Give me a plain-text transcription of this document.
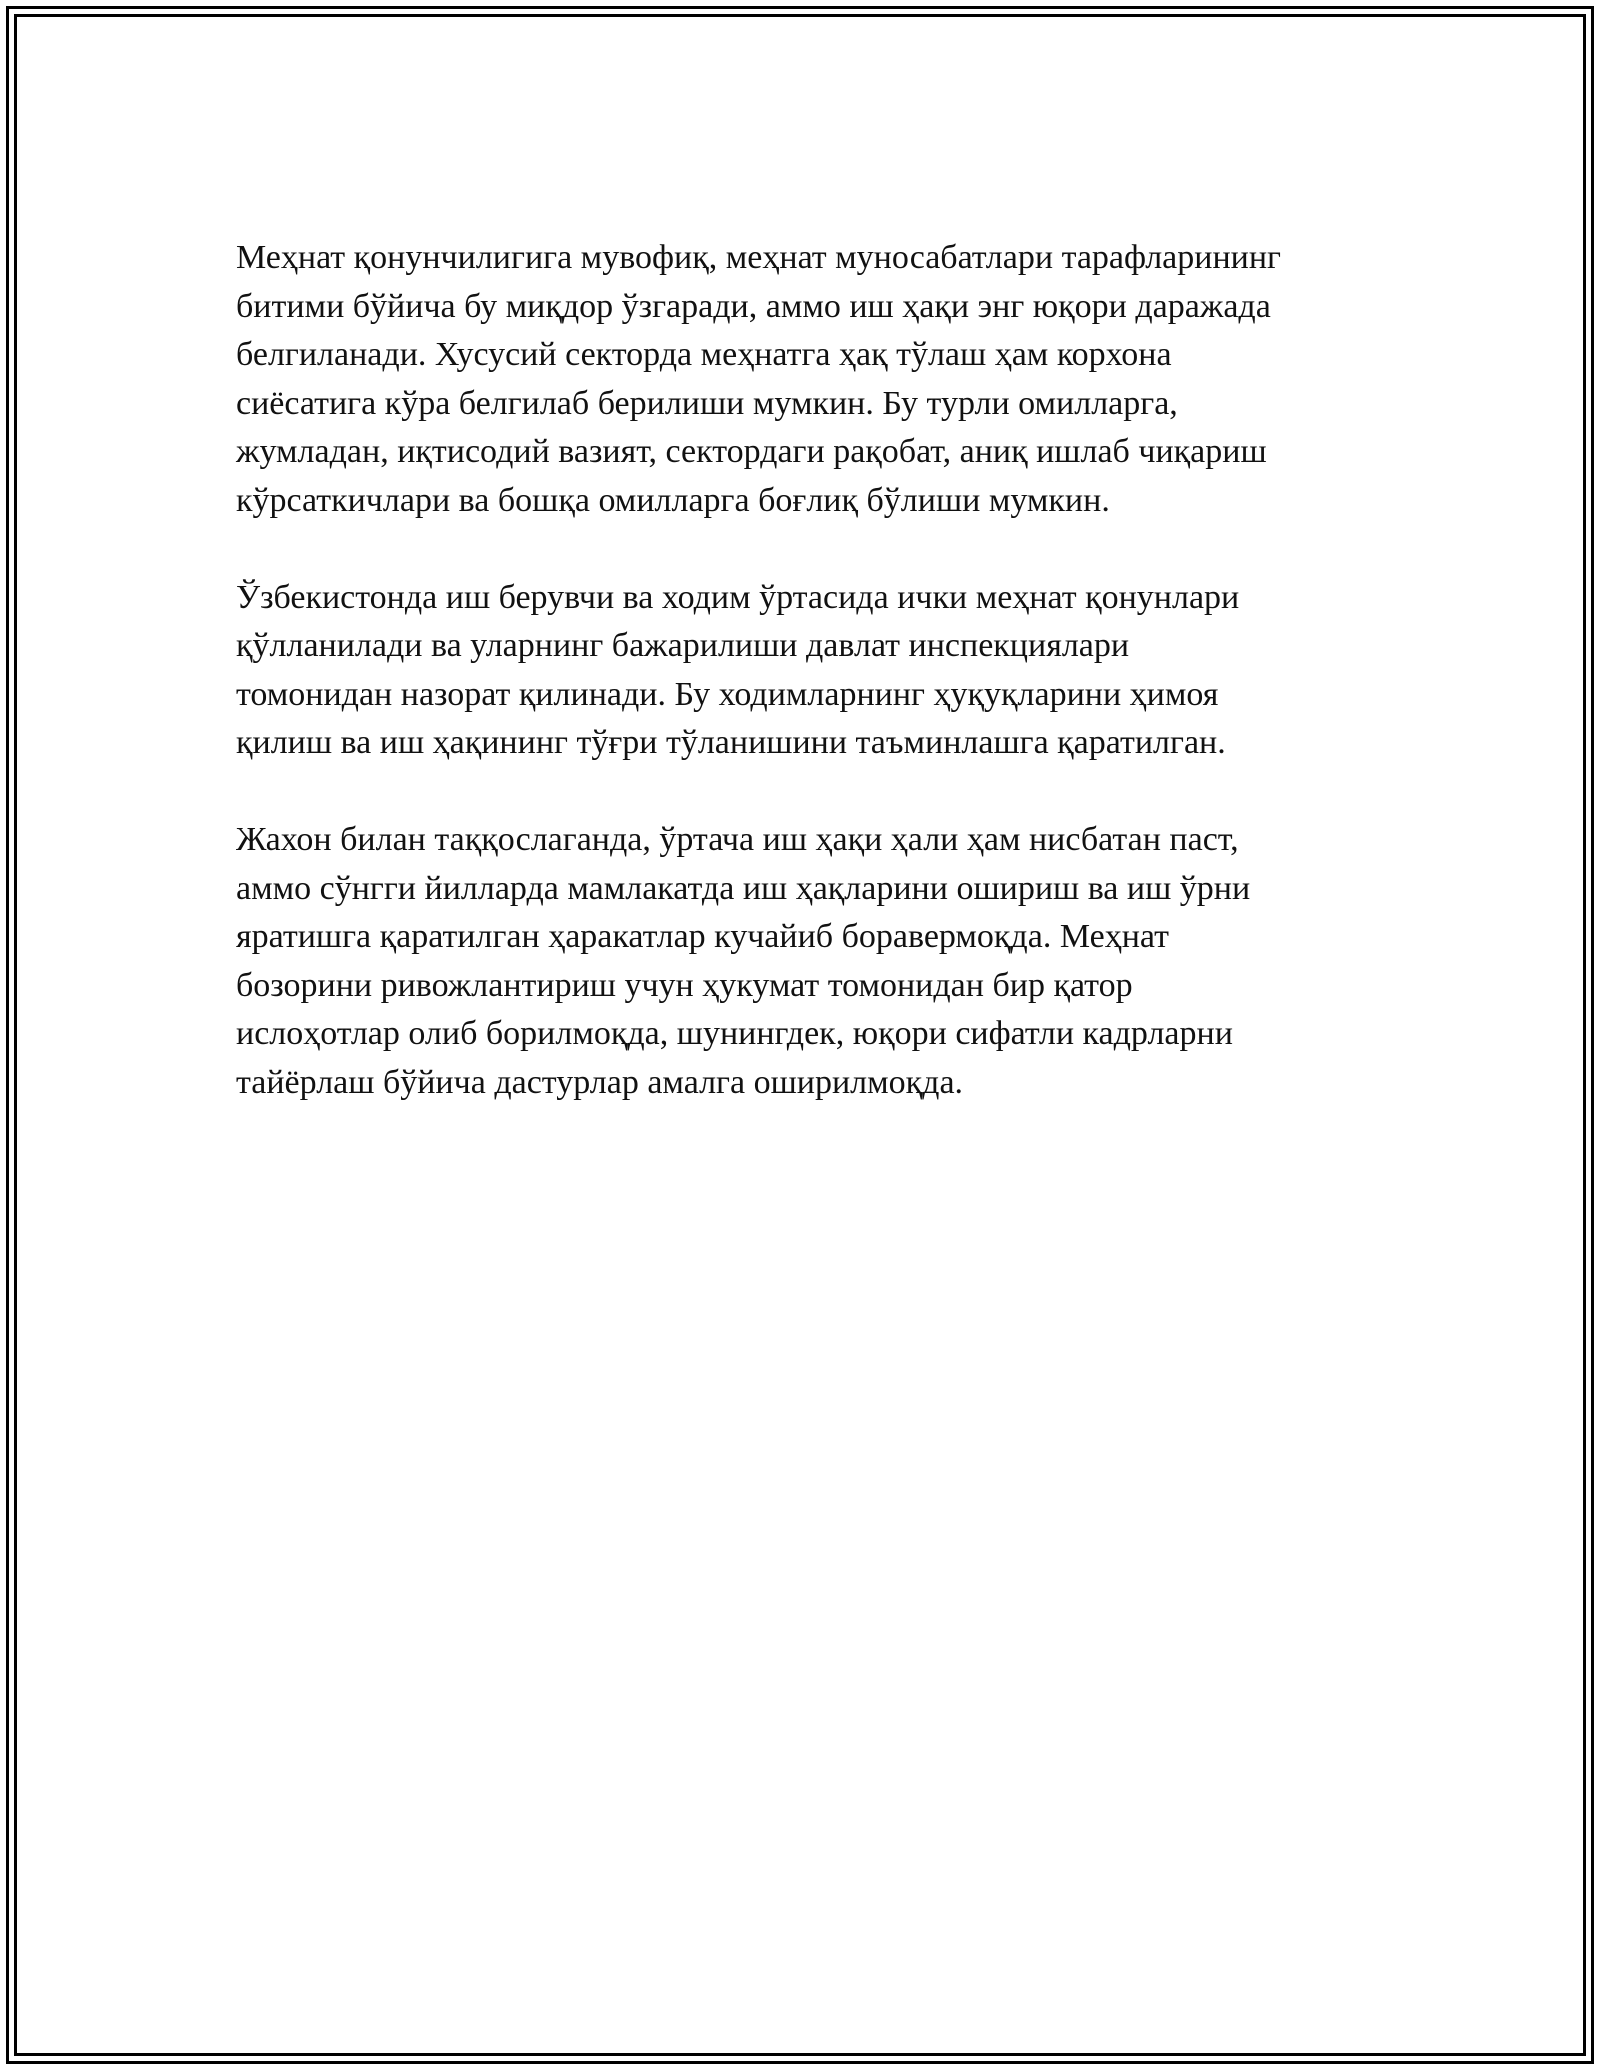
Меҳнат қонунчилигига мувофиқ, меҳнат муносабатлари тарафларининг
битими бўйича бу миқдор ўзгаради, аммо иш ҳақи энг юқори даражада
белгиланади. Хусусий секторда меҳнатга ҳақ тўлаш ҳам корхона
сиёсатига кўра белгилаб берилиши мумкин. Бу турли омилларга,
жумладан, иқтисодий вазият, сектордаги рақобат, аниқ ишлаб чиқариш
кўрсаткичлари ва бошқа омилларга боғлиқ бўлиши мумкин.

Ўзбекистонда иш берувчи ва ходим ўртасида ички меҳнат қонунлари
қўлланилади ва уларнинг бажарилиши давлат инспекциялари
томонидан назорат қилинади. Бу ходимларнинг ҳуқуқларини ҳимоя
қилиш ва иш ҳақининг тўғри тўланишини таъминлашга қаратилган.

Жахон билан таққослаганда, ўртача иш ҳақи ҳали ҳам нисбатан паст,
аммо сўнгги йилларда мамлакатда иш ҳақларини ошириш ва иш ўрни
яратишга қаратилган ҳаракатлар кучайиб боравермоқда. Меҳнат
бозорини ривожлантириш учун ҳукумат томонидан бир қатор
ислоҳотлар олиб борилмоқда, шунингдек, юқори сифатли кадрларни
тайёрлаш бўйича дастурлар амалга оширилмоқда.
